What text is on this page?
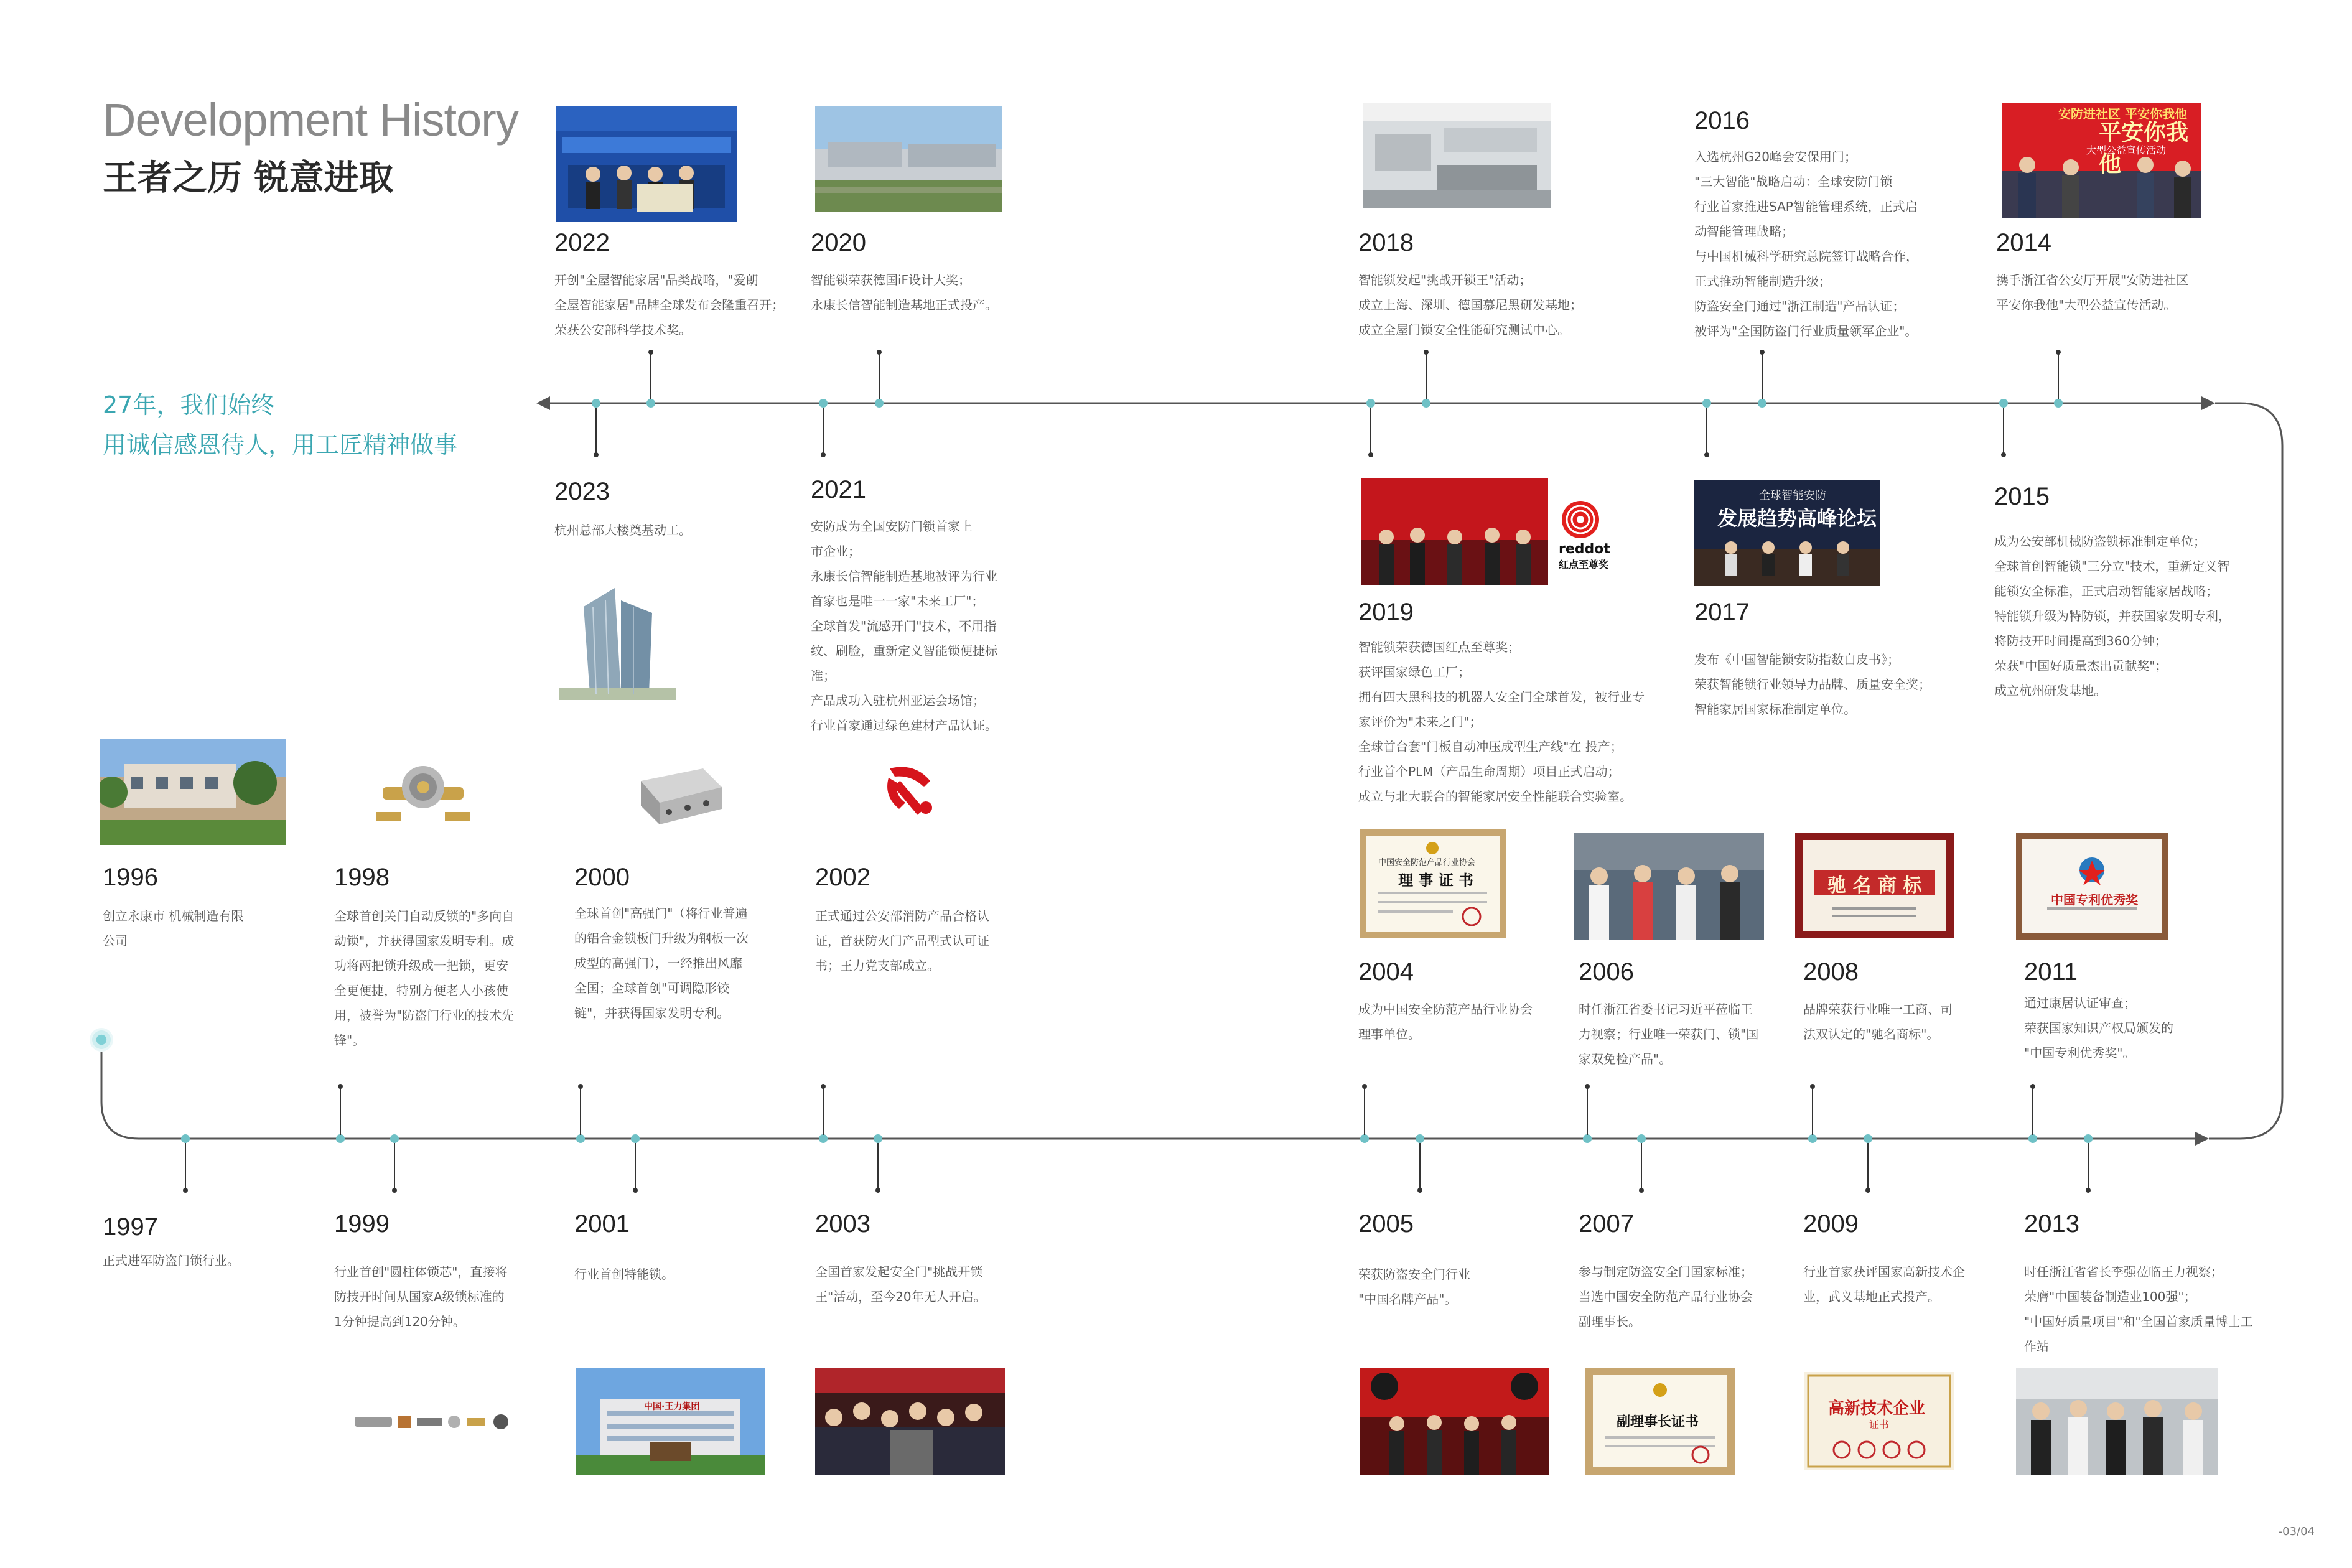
Development History
王者之历 锐意进取
27年，我们始终
用诚信感恩待人，用工匠精神做事
安防进社区 平安你我他
平安你我他
大型公益宣传活动
reddot
红点至尊奖
全球智能安防
发展趋势高峰论坛
中国安全防范产品行业协会
理 事 证 书	驰 名 商 标
中国专利优秀奖
中国·王力集团
副理事长证书
高新技术企业
证书
2022
开创"全屋智能家居"品类战略，"爱朗
全屋智能家居"品牌全球发布会隆重召开；
荣获公安部科学技术奖。
2020
智能锁荣获德国iF设计大奖；
永康长信智能制造基地正式投产。
2018
智能锁发起"挑战开锁王"活动；
成立上海、深圳、德国慕尼黑研发基地；
成立全屋门锁安全性能研究测试中心。
2016
入选杭州G20峰会安保用门；
"三大智能"战略启动：全球安防门锁
行业首家推进SAP智能管理系统，正式启
动智能管理战略；
与中国机械科学研究总院签订战略合作，
正式推动智能制造升级；
防盗安全门通过"浙江制造"产品认证；
被评为"全国防盗门行业质量领军企业"。
2014
携手浙江省公安厅开展"安防进社区
平安你我他"大型公益宣传活动。
2023
杭州总部大楼奠基动工。
2021
安防成为全国安防门锁首家上
市企业；
永康长信智能制造基地被评为行业
首家也是唯一一家"未来工厂"；
全球首发"流感开门"技术，不用指
纹、刷脸，重新定义智能锁便捷标
准；
产品成功入驻杭州亚运会场馆；
行业首家通过绿色建材产品认证。
2019
智能锁荣获德国红点至尊奖；
获评国家绿色工厂；
拥有四大黑科技的机器人安全门全球首发，被行业专
家评价为"未来之门"；
全球首台套"门板自动冲压成型生产线"在 投产；
行业首个PLM（产品生命周期）项目正式启动；
成立与北大联合的智能家居安全性能联合实验室。
2017
发布《中国智能锁安防指数白皮书》；
荣获智能锁行业领导力品牌、质量安全奖；
智能家居国家标准制定单位。
2015
成为公安部机械防盗锁标准制定单位；
全球首创智能锁"三分立"技术，重新定义智
能锁安全标准，正式启动智能家居战略；
特能锁升级为特防锁，并获国家发明专利，
将防技开时间提高到360分钟；
荣获"中国好质量杰出贡献奖"；
成立杭州研发基地。
1996
创立永康市 机械制造有限
公司
1998
全球首创关门自动反锁的"多向自
动锁"，并获得国家发明专利。成
功将两把锁升级成一把锁，更安
全更便捷，特别方便老人小孩使
用，被誉为"防盗门行业的技术先
锋"。
2000
全球首创"高强门"（将行业普遍
的铝合金锁板门升级为钢板一次
成型的高强门），一经推出风靡
全国；全球首创"可调隐形铰
链"，并获得国家发明专利。
2002
正式通过公安部消防产品合格认
证，首获防火门产品型式认可证
书；王力党支部成立。	2004
成为中国安全防范产品行业协会
理事单位。
2006
时任浙江省委书记习近平莅临王
力视察；行业唯一荣获门、锁"国
家双免检产品"。
2008
品牌荣获行业唯一工商、司
法双认定的"驰名商标"。
2011
通过康居认证审查；
荣获国家知识产权局颁发的
"中国专利优秀奖"。
1997
正式进军防盗门锁行业。
1999
行业首创"圆柱体锁芯"，直接将
防技开时间从国家A级锁标准的
1分钟提高到120分钟。
2001
行业首创特能锁。
2003
全国首家发起安全门"挑战开锁
王"活动，至今20年无人开启。
2005
荣获防盗安全门行业
"中国名牌产品"。
2007
参与制定防盗安全门国家标准；
当选中国安全防范产品行业协会
副理事长。
2009
行业首家获评国家高新技术企
业，武义基地正式投产。
2013
时任浙江省省长李强莅临王力视察；
荣膺"中国装备制造业100强"；
"中国好质量项目"和"全国首家质量博士工
作站
-03/04
